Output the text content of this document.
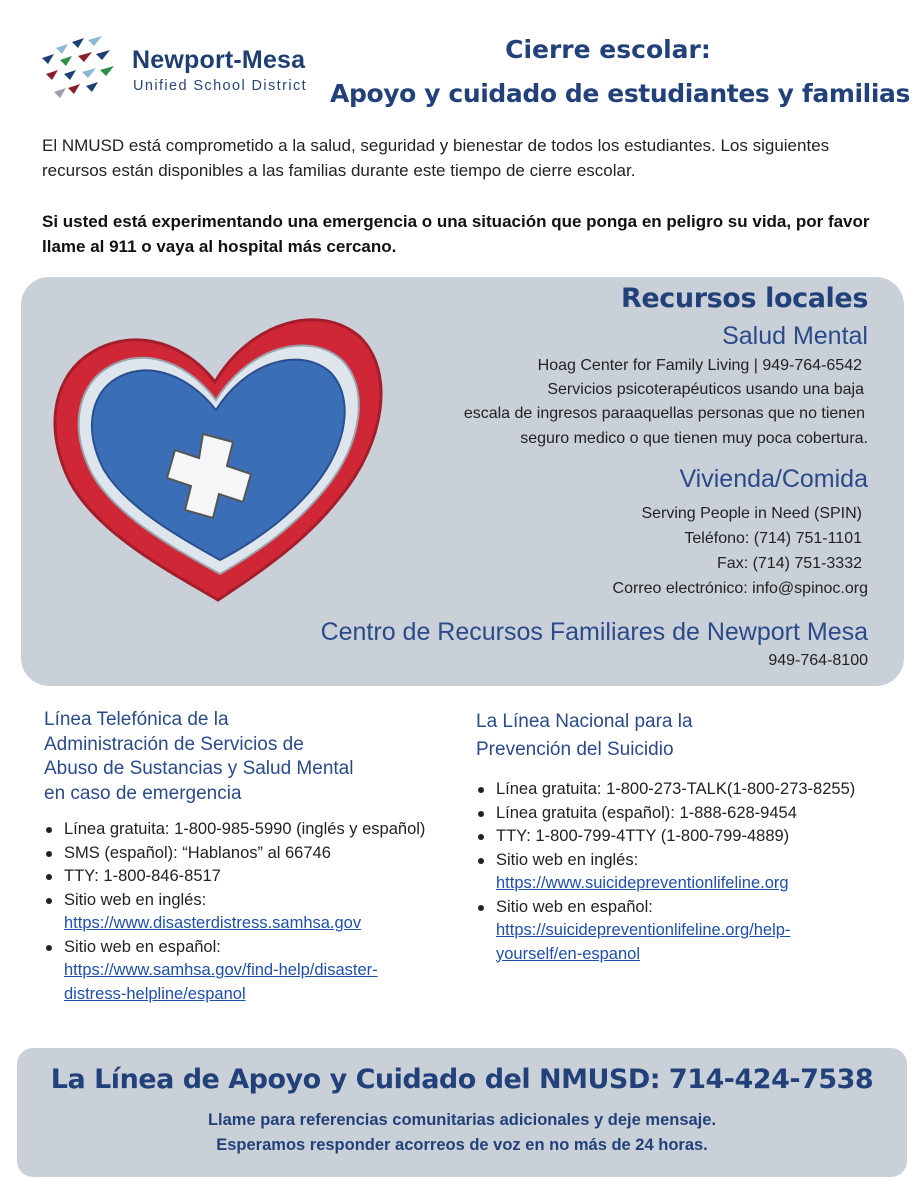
Newport-Mesa
Unified School District
Cierre escolar:
Apoyo y cuidado de estudiantes y familias
El NMUSD está comprometido a la salud, seguridad y bienestar de todos los estudiantes. Los siguientes recursos están disponibles a las familias durante este tiempo de cierre escolar.
Si usted está experimentando una emergencia o una situación que ponga en peligro su vida, por favor llame al 911 o vaya al hospital más cercano.
Recursos locales
Salud Mental
Hoag Center for Family Living | 949-764-6542
Servicios psicoterapéuticos usando una baja
escala de ingresos paraaquellas personas que no tienen
seguro medico o que tienen muy poca cobertura.
Vivienda/Comida
Serving People in Need (SPIN)
Teléfono: (714) 751-1101
Fax: (714) 751-3332
Correo electrónico: info@spinoc.org
Centro de Recursos Familiares de Newport Mesa
949-764-8100
Línea Telefónica de la
Administración de Servicios de
Abuso de Sustancias y Salud Mental
en caso de emergencia
Línea gratuita: 1-800-985-5990 (inglés y español)
SMS (español): “Hablanos” al 66746
TTY: 1-800-846-8517
Sitio web en inglés:
https://www.disasterdistress.samhsa.gov
Sitio web en español:
https://www.samhsa.gov/find-help/disaster-
distress-helpline/espanol
La Línea Nacional para la
Prevención del Suicidio
Línea gratuita: 1-800-273-TALK(1-800-273-8255)
Línea gratuita (español): 1-888-628-9454
TTY: 1-800-799-4TTY (1-800-799-4889)
Sitio web en inglés:
https://www.suicidepreventionlifeline.org
Sitio web en español:
https://suicidepreventionlifeline.org/help-
yourself/en-espanol
La Línea de Apoyo y Cuidado del NMUSD: 714-424-7538
Llame para referencias comunitarias adicionales y deje mensaje.
Esperamos responder acorreos de voz en no más de 24 horas.
